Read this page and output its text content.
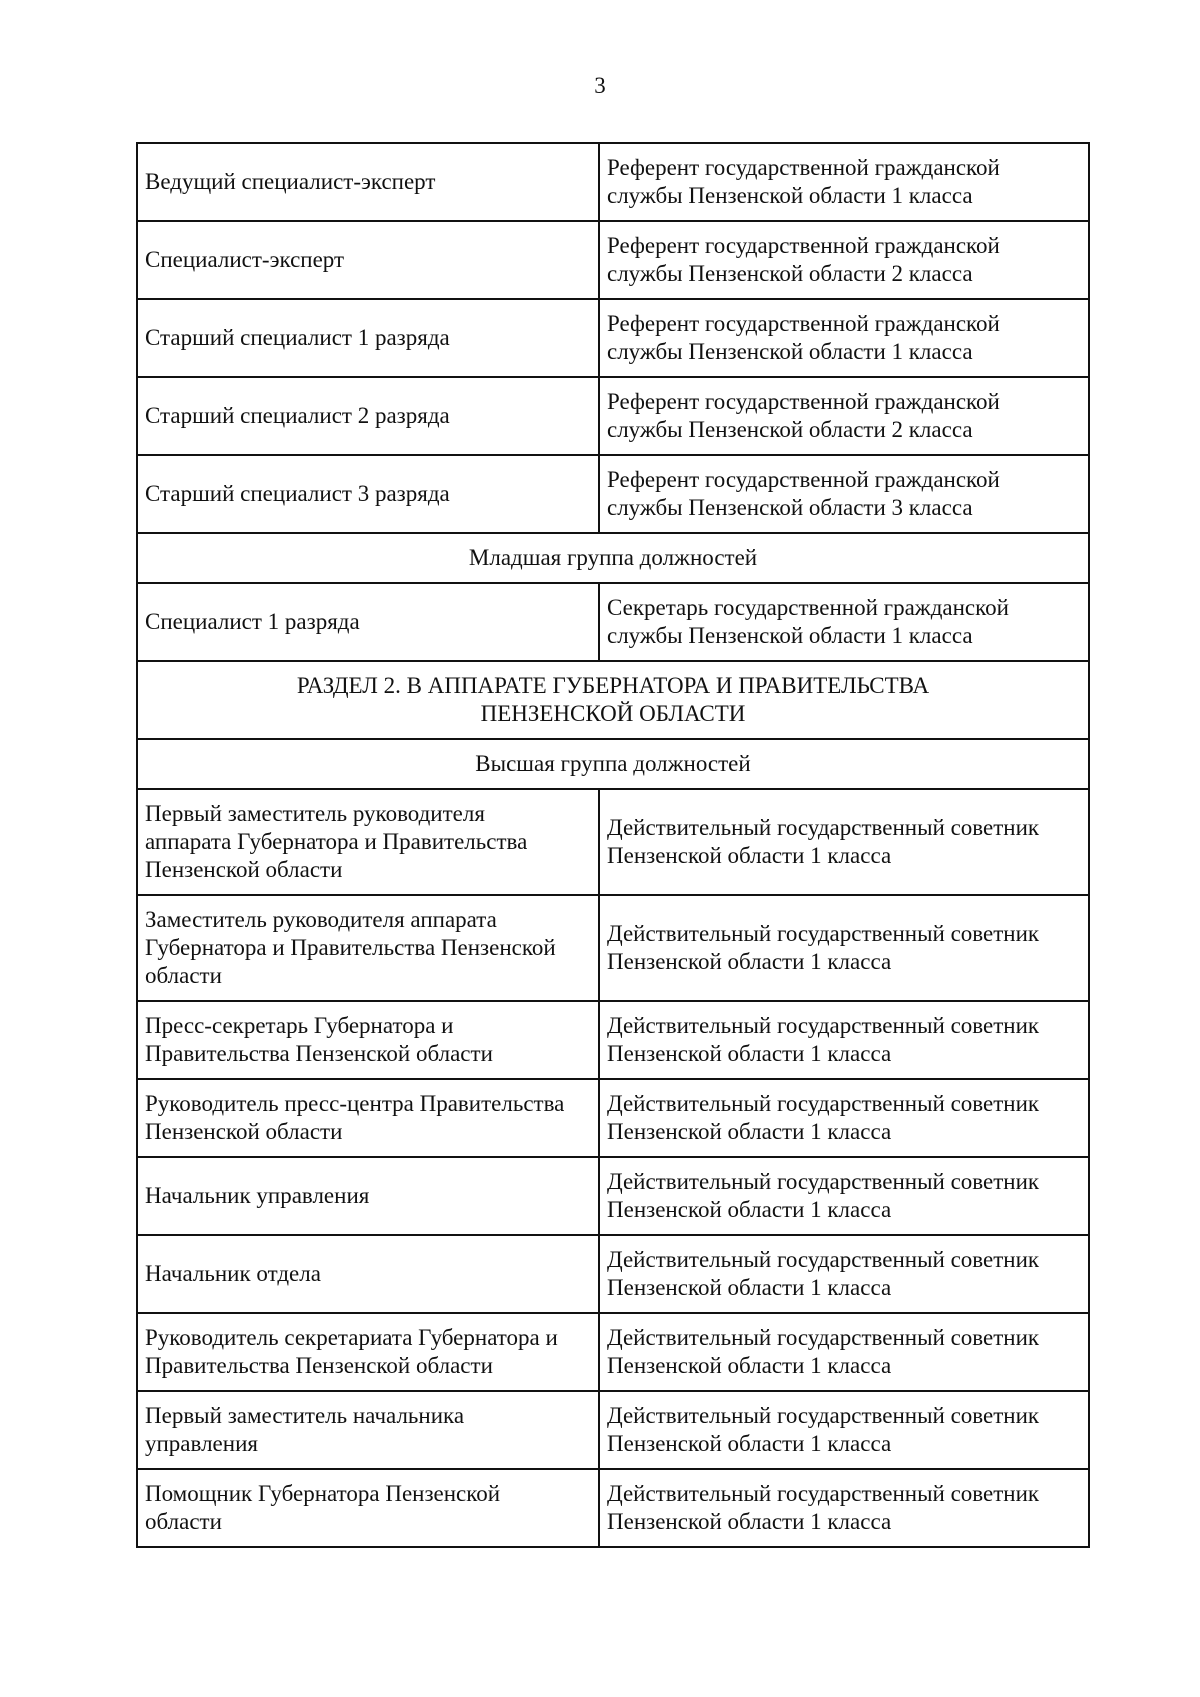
3
Ведущий специалист-эксперт	Референт государственной гражданской
службы Пензенской области 1 класса

Специалист-эксперт	Референт государственной гражданской
службы Пензенской области 2 класса

Старший специалист 1 разряда	Референт государственной гражданской
службы Пензенской области 1 класса

Старший специалист 2 разряда	Референт государственной гражданской
службы Пензенской области 2 класса

Старший специалист 3 разряда	Референт государственной гражданской
службы Пензенской области 3 класса

Младшая группа должностей	

Специалист 1 разряда	Секретарь государственной гражданской
службы Пензенской области 1 класса

РАЗДЕЛ 2. В АППАРАТЕ ГУБЕРНАТОРА И ПРАВИТЕЛЬСТВА
ПЕНЗЕНСКОЙ ОБЛАСТИ	

Высшая группа должностей	

Первый заместитель руководителя
аппарата Губернатора и Правительства
Пензенской области	Действительный государственный советник
Пензенской области 1 класса

Заместитель руководителя аппарата
Губернатора и Правительства Пензенской
области	Действительный государственный советник
Пензенской области 1 класса

Пресс-секретарь Губернатора и
Правительства Пензенской области	Действительный государственный советник
Пензенской области 1 класса

Руководитель пресс-центра Правительства
Пензенской области	Действительный государственный советник
Пензенской области 1 класса

Начальник управления	Действительный государственный советник
Пензенской области 1 класса

Начальник отдела	Действительный государственный советник
Пензенской области 1 класса

Руководитель секретариата Губернатора и
Правительства Пензенской области	Действительный государственный советник
Пензенской области 1 класса

Первый заместитель начальника
управления	Действительный государственный советник
Пензенской области 1 класса

Помощник Губернатора Пензенской
области	Действительный государственный советник
Пензенской области 1 класса
